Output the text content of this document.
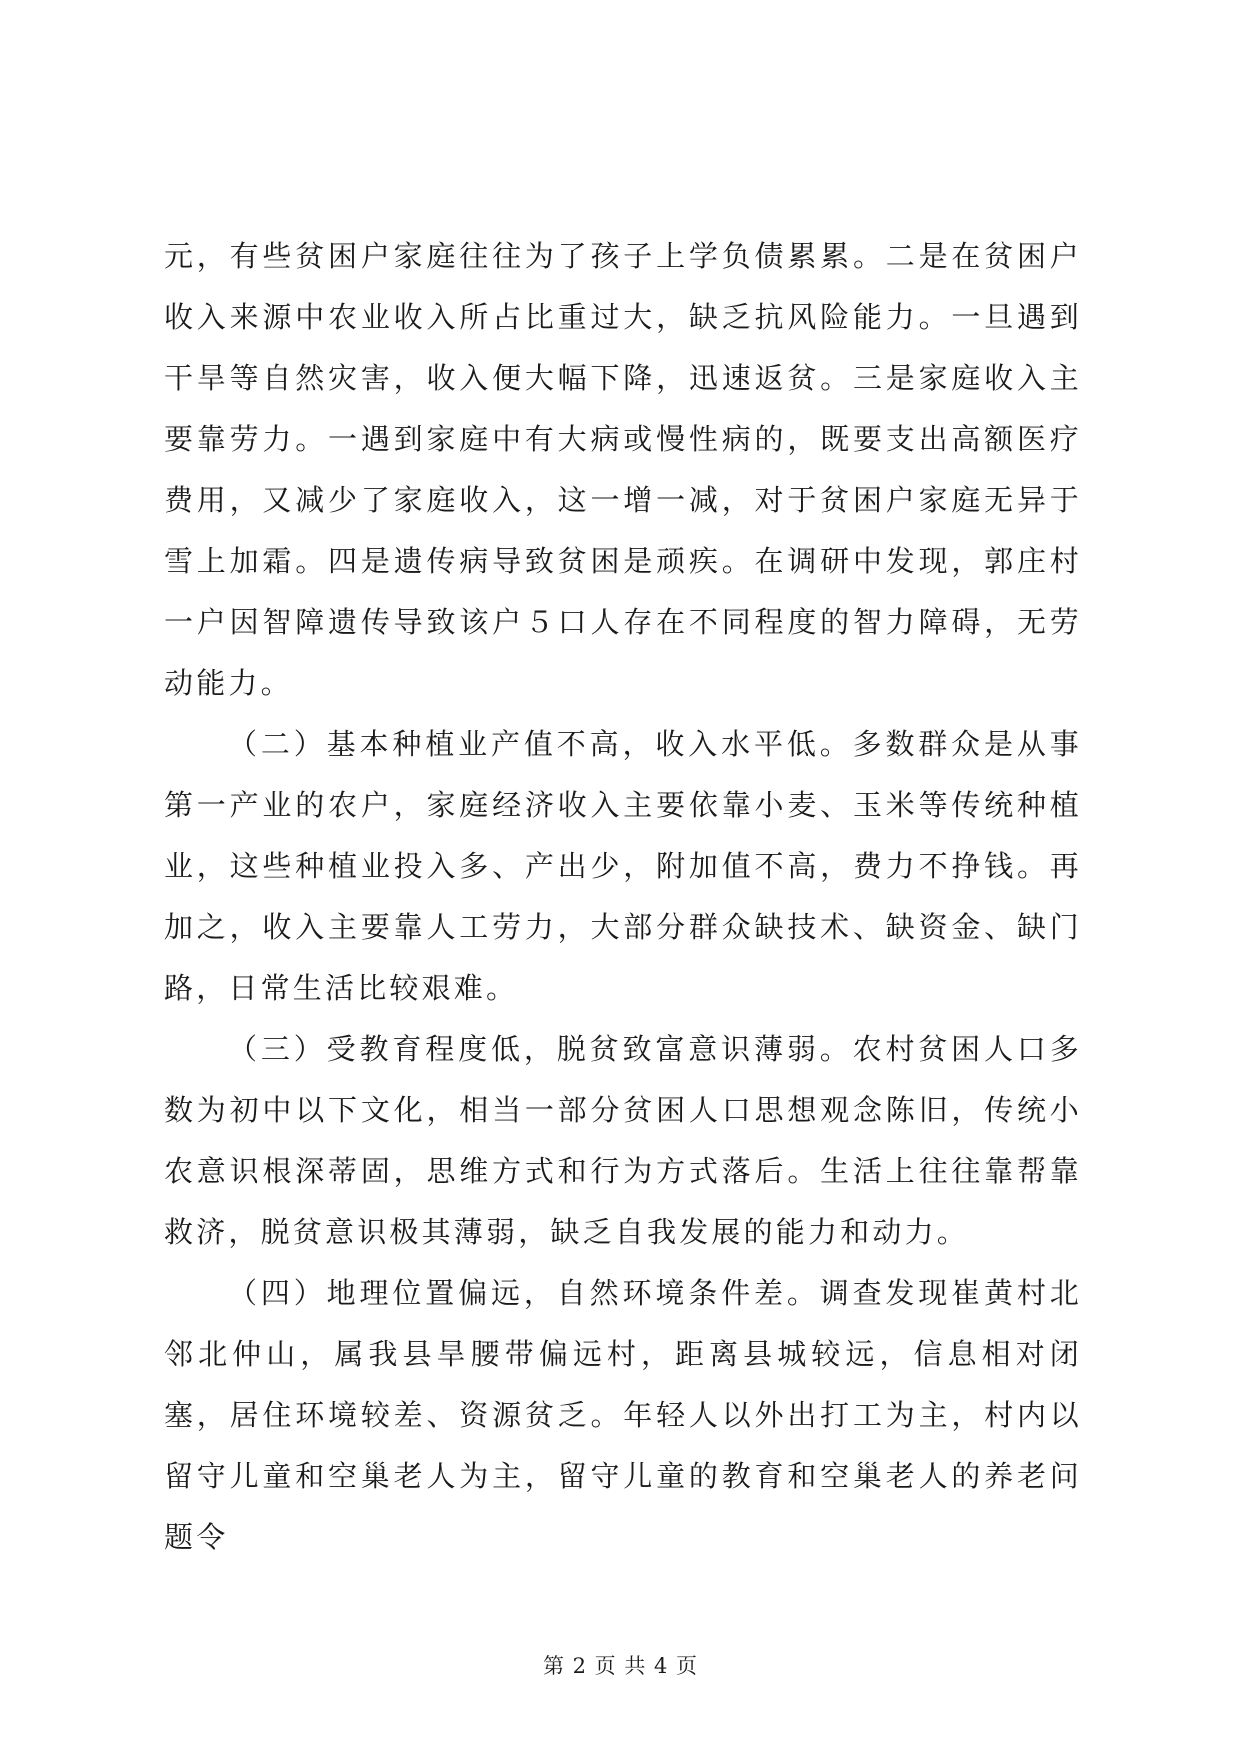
元，有些贫困户家庭往往为了孩子上学负债累累。二是在贫困户收入来源中农业收入所占比重过大，缺乏抗风险能力。一旦遇到干旱等自然灾害，收入便大幅下降，迅速返贫。三是家庭收入主要靠劳力。一遇到家庭中有大病或慢性病的，既要支出高额医疗费用，又减少了家庭收入，这一增一减，对于贫困户家庭无异于雪上加霜。四是遗传病导致贫困是顽疾。在调研中发现，郭庄村一户因智障遗传导致该户５口人存在不同程度的智力障碍，无劳动能力。

（二）基本种植业产值不高，收入水平低。多数群众是从事第一产业的农户，家庭经济收入主要依靠小麦、玉米等传统种植业，这些种植业投入多、产出少，附加值不高，费力不挣钱。再加之，收入主要靠人工劳力，大部分群众缺技术、缺资金、缺门路，日常生活比较艰难。

（三）受教育程度低，脱贫致富意识薄弱。农村贫困人口多数为初中以下文化，相当一部分贫困人口思想观念陈旧，传统小农意识根深蒂固，思维方式和行为方式落后。生活上往往靠帮靠救济，脱贫意识极其薄弱，缺乏自我发展的能力和动力。

（四）地理位置偏远，自然环境条件差。调查发现崔黄村北邻北仲山，属我县旱腰带偏远村，距离县城较远，信息相对闭塞，居住环境较差、资源贫乏。年轻人以外出打工为主，村内以留守儿童和空巢老人为主，留守儿童的教育和空巢老人的养老问题令

第 2 页 共 4 页
